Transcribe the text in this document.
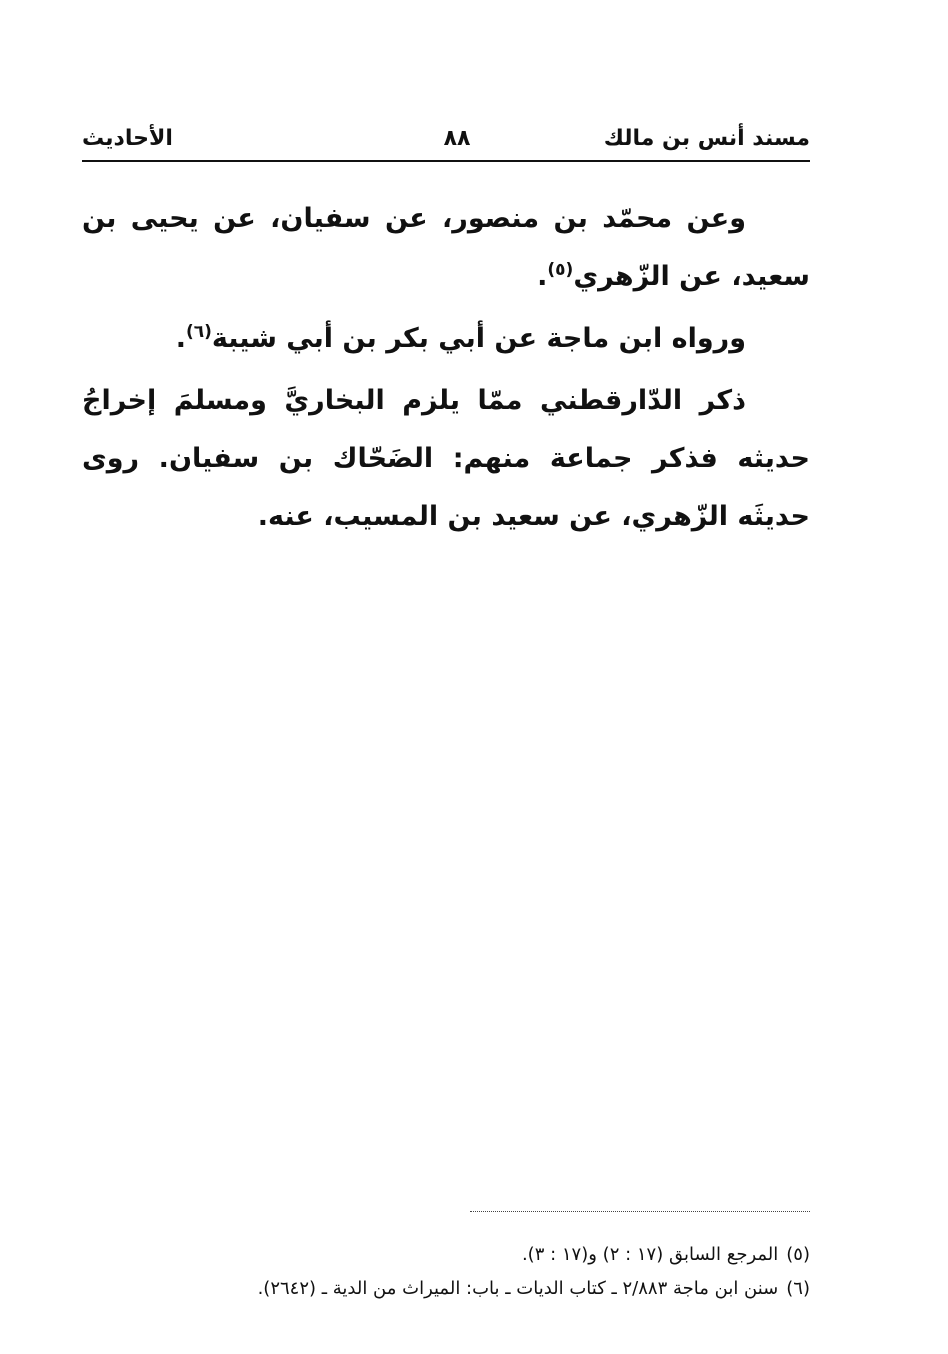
مسند أنس بن مالك
٨٨
الأحاديث

وعن محمّد بن منصور، عن سفيان، عن يحيى بن سعيد، عن الزّهري$^{(٥)}$.

ورواه ابن ماجة عن أبي بكر بن أبي شيبة$^{(٦)}$.

ذكر الدّارقطني ممّا يلزم البخاريَّ ومسلمَ إخراجُ حديثه فذكر جماعة منهم: الضَحّاك بن سفيان. روى حديثَه الزّهري، عن سعيد بن المسيب، عنه.

(٥)المرجع السابق (١٧ : ٢) و(١٧ : ٣).

(٦)سنن ابن ماجة ٢/٨٨٣ ـ كتاب الديات ـ باب: الميراث من الدية ـ (٢٦٤٢).
